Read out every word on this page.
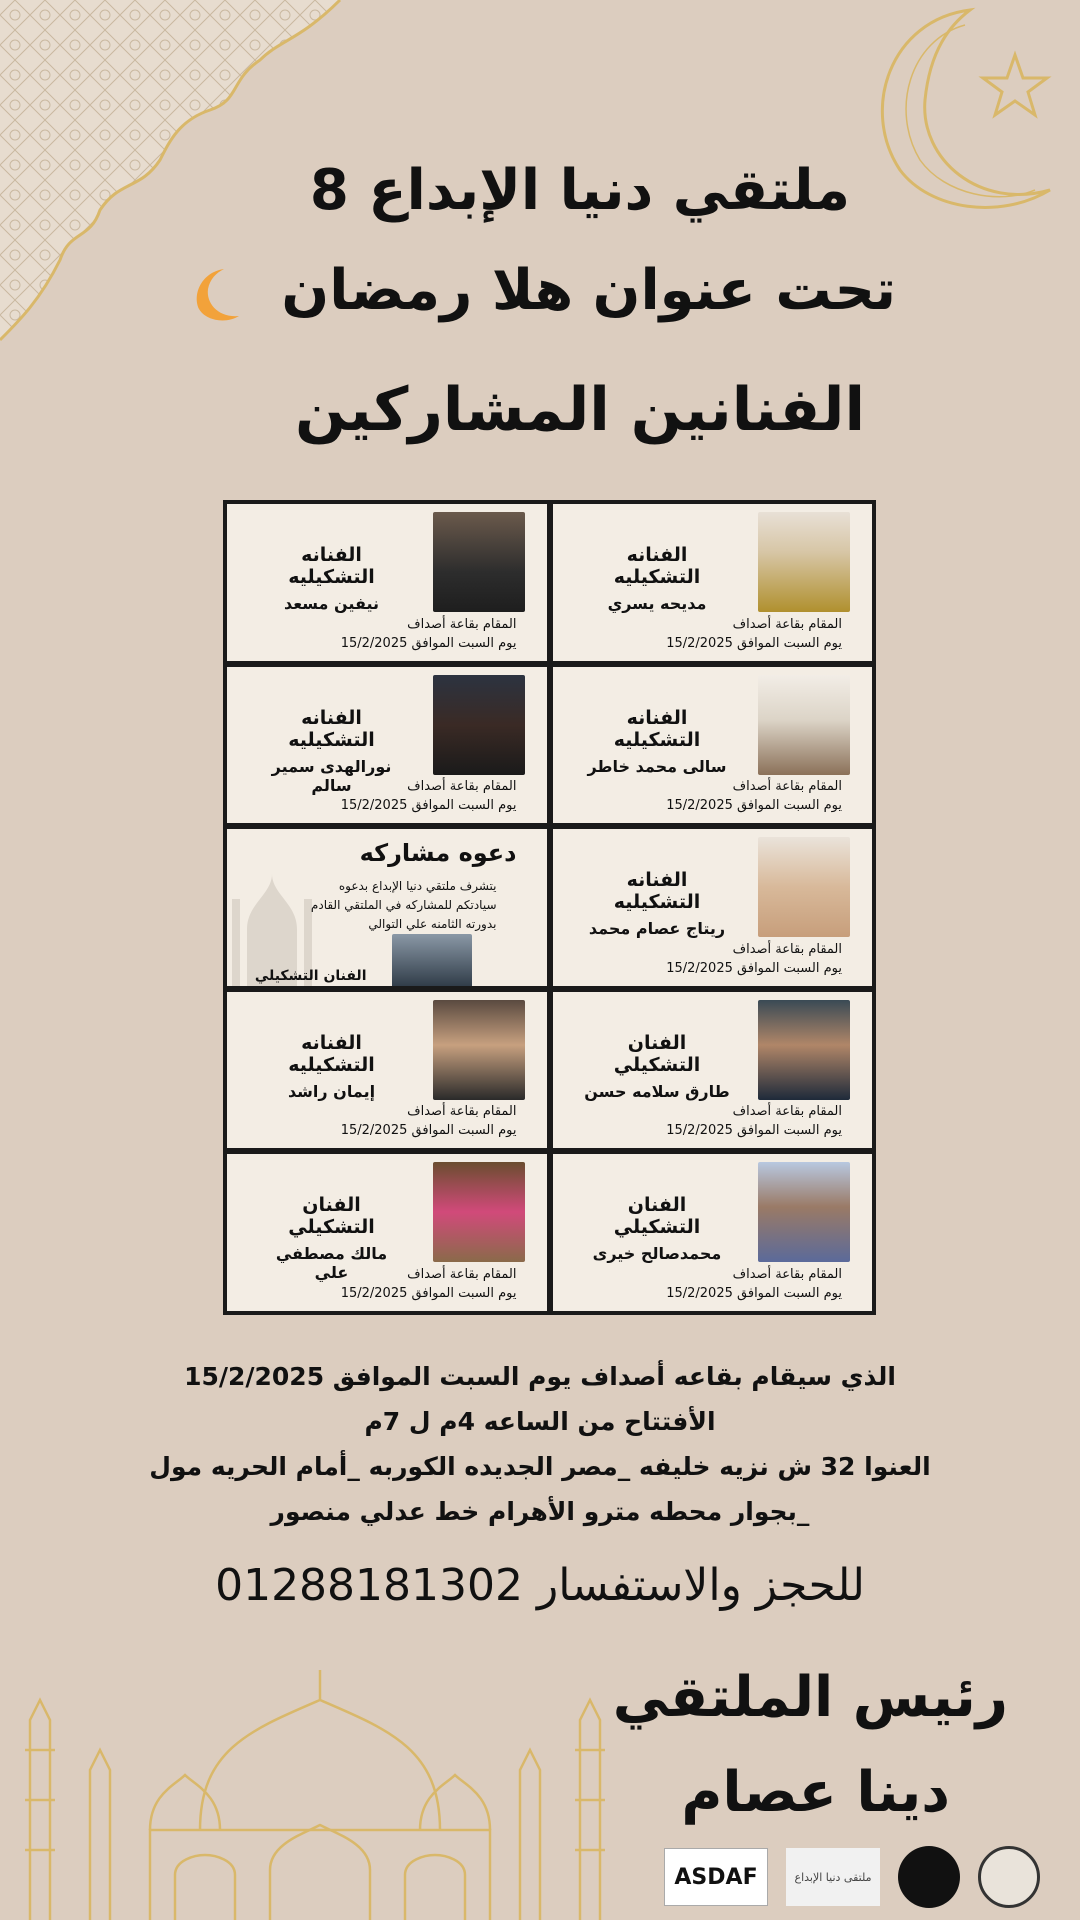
ملتقي دنيا الإبداع 8
تحت عنوان هلا رمضان
الفنانين المشاركين
الفنانه التشكيليه
نيفين مسعد
المقام بقاعة أصداف
يوم السبت الموافق 15/2/2025
الفنانه التشكيليه
مديحه يسري
المقام بقاعة أصداف
يوم السبت الموافق 15/2/2025
الفنانه التشكيليه
نورالهدى سمير سالم	المقام بقاعة أصداف
يوم السبت الموافق 15/2/2025
الفنانه التشكيليه
سالى محمد خاطر
المقام بقاعة أصداف
يوم السبت الموافق 15/2/2025
دعوه مشاركه
يتشرف ملتقي دنيا الإبداع بدعوه سيادتكم للمشاركه في الملتقي القادم بدورته الثامنه علي التوالي
الفنان التشكيلي
الفنانه التشكيليه
ريتاج عصام محمد
المقام بقاعة أصداف
يوم السبت الموافق 15/2/2025
الفنانه التشكيليه
إيمان راشد
المقام بقاعة أصداف
يوم السبت الموافق 15/2/2025
الفنان التشكيلي
طارق سلامه حسن
المقام بقاعة أصداف
يوم السبت الموافق 15/2/2025
الفنان التشكيلي
مالك مصطفي علي	المقام بقاعة أصداف
يوم السبت الموافق 15/2/2025
الفنان التشكيلي
محمدصالح خيرى
المقام بقاعة أصداف
يوم السبت الموافق 15/2/2025
الذي سيقام بقاعه أصداف يوم السبت الموافق 15/2/2025
الأفتتاح من الساعه 4م ل 7م
العنوا 32 ش نزيه خليفه _مصر الجديده الكوربه _أمام الحريه مول
_بجوار محطه مترو الأهرام خط عدلي منصور
للحجز والاستفسار 01288181302
رئيس الملتقي
دينا عصام
ASDAF	ملتقى دنيا الإبداع
